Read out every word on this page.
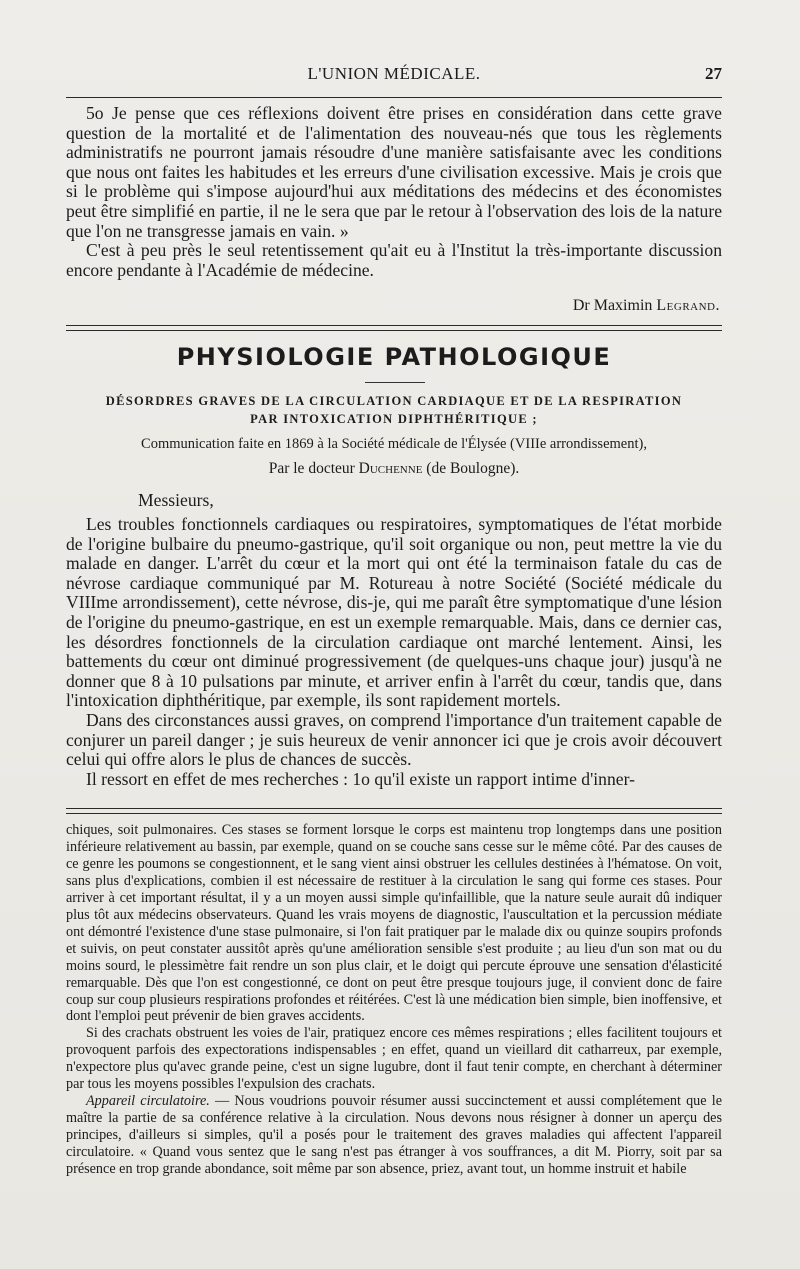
L'UNION MÉDICALE.	27

5o Je pense que ces réflexions doivent être prises en considération dans cette grave question de la mortalité et de l'alimentation des nouveau-nés que tous les règlements administratifs ne pourront jamais résoudre d'une manière satisfaisante avec les conditions que nous ont faites les habitudes et les erreurs d'une civilisation excessive. Mais je crois que si le problème qui s'impose aujourd'hui aux méditations des médecins et des économistes peut être simplifié en partie, il ne le sera que par le retour à l'observation des lois de la nature que l'on ne transgresse jamais en vain. »

C'est à peu près le seul retentissement qu'ait eu à l'Institut la très-importante discussion encore pendante à l'Académie de médecine.

Dr Maximin Legrand.
PHYSIOLOGIE PATHOLOGIQUE
DÉSORDRES GRAVES DE LA CIRCULATION CARDIAQUE ET DE LA RESPIRATION
PAR INTOXICATION DIPHTHÉRITIQUE ;
Communication faite en 1869 à la Société médicale de l'Élysée (VIIIe arrondissement),
Par le docteur Duchenne (de Boulogne).
Messieurs,

Les troubles fonctionnels cardiaques ou respiratoires, symptomatiques de l'état morbide de l'origine bulbaire du pneumo-gastrique, qu'il soit organique ou non, peut mettre la vie du malade en danger. L'arrêt du cœur et la mort qui ont été la terminaison fatale du cas de névrose cardiaque communiqué par M. Rotureau à notre Société (Société médicale du VIIIme arrondissement), cette névrose, dis-je, qui me paraît être symptomatique d'une lésion de l'origine du pneumo-gastrique, en est un exemple remarquable. Mais, dans ce dernier cas, les désordres fonctionnels de la circulation cardiaque ont marché lentement. Ainsi, les battements du cœur ont diminué progressivement (de quelques-uns chaque jour) jusqu'à ne donner que 8 à 10 pulsations par minute, et arriver enfin à l'arrêt du cœur, tandis que, dans l'intoxication diphthéritique, par exemple, ils sont rapidement mortels.

Dans des circonstances aussi graves, on comprend l'importance d'un traitement capable de conjurer un pareil danger ; je suis heureux de venir annoncer ici que je crois avoir découvert celui qui offre alors le plus de chances de succès.

Il ressort en effet de mes recherches : 1o qu'il existe un rapport intime d'inner-

chiques, soit pulmonaires. Ces stases se forment lorsque le corps est maintenu trop longtemps dans une position inférieure relativement au bassin, par exemple, quand on se couche sans cesse sur le même côté. Par des causes de ce genre les poumons se congestionnent, et le sang vient ainsi obstruer les cellules destinées à l'hématose. On voit, sans plus d'explications, combien il est nécessaire de restituer à la circulation le sang qui forme ces stases. Pour arriver à cet important résultat, il y a un moyen aussi simple qu'infaillible, que la nature seule aurait dû indiquer plus tôt aux médecins observateurs. Quand les vrais moyens de diagnostic, l'auscultation et la percussion médiate ont démontré l'existence d'une stase pulmonaire, si l'on fait pratiquer par le malade dix ou quinze soupirs profonds et suivis, on peut constater aussitôt après qu'une amélioration sensible s'est produite ; au lieu d'un son mat ou du moins sourd, le plessimètre fait rendre un son plus clair, et le doigt qui percute éprouve une sensation d'élasticité remarquable. Dès que l'on est congestionné, ce dont on peut être presque toujours juge, il convient donc de faire coup sur coup plusieurs respirations profondes et réitérées. C'est là une médication bien simple, bien inoffensive, et dont l'emploi peut prévenir de bien graves accidents.

Si des crachats obstruent les voies de l'air, pratiquez encore ces mêmes respirations ; elles facilitent toujours et provoquent parfois des expectorations indispensables ; en effet, quand un vieillard dit catharreux, par exemple, n'expectore plus qu'avec grande peine, c'est un signe lugubre, dont il faut tenir compte, en cherchant à déterminer par tous les moyens possibles l'expulsion des crachats.

Appareil circulatoire. — Nous voudrions pouvoir résumer aussi succinctement et aussi complétement que le maître la partie de sa conférence relative à la circulation. Nous devons nous résigner à donner un aperçu des principes, d'ailleurs si simples, qu'il a posés pour le traitement des graves maladies qui affectent l'appareil circulatoire. « Quand vous sentez que le sang n'est pas étranger à vos souffrances, a dit M. Piorry, soit par sa présence en trop grande abondance, soit même par son absence, priez, avant tout, un homme instruit et habile
